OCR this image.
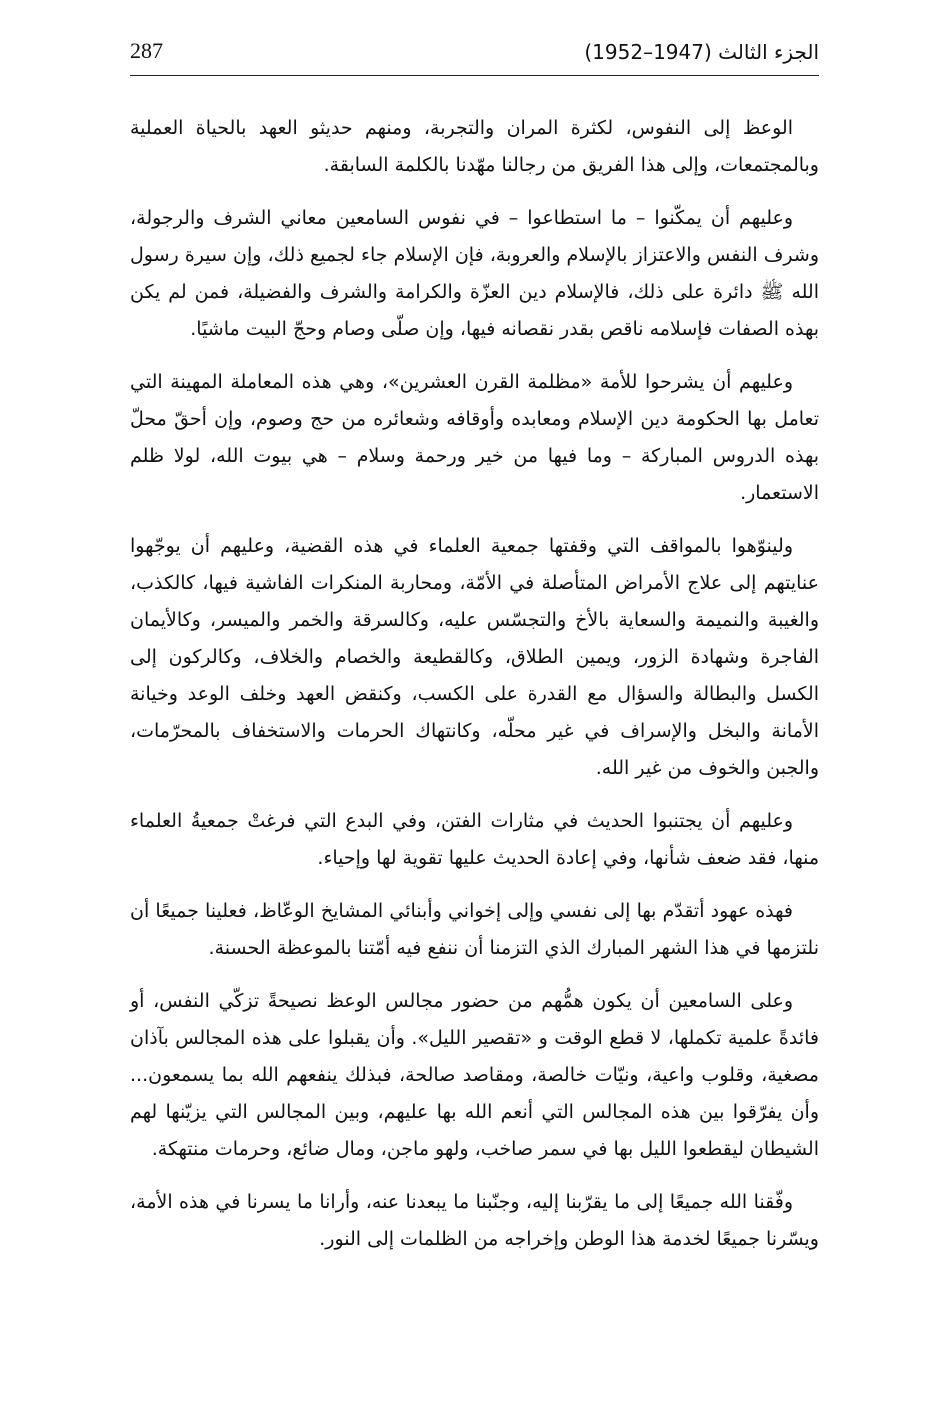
287	الجزء الثالث (1947–1952)

الوعظ إلى النفوس، لكثرة المران والتجربة، ومنهم حديثو العهد بالحياة العملية وبالمجتمعات، وإلى هذا الفريق من رجالنا مهّدنا بالكلمة السابقة.

وعليهم أن يمكّنوا – ما استطاعوا – في نفوس السامعين معاني الشرف والرجولة، وشرف النفس والاعتزاز بالإسلام والعروبة، فإن الإسلام جاء لجميع ذلك، وإن سيرة رسول الله ﷺ دائرة على ذلك، فالإسلام دين العزّة والكرامة والشرف والفضيلة، فمن لم يكن بهذه الصفات فإسلامه ناقص بقدر نقصانه فيها، وإن صلّى وصام وحجّ البيت ماشيًا.

وعليهم أن يشرحوا للأمة «مظلمة القرن العشرين»، وهي هذه المعاملة المهينة التي تعامل بها الحكومة دين الإسلام ومعابده وأوقافه وشعائره من حج وصوم، وإن أحقّ محلّ بهذه الدروس المباركة – وما فيها من خير ورحمة وسلام – هي بيوت الله، لولا ظلم الاستعمار.

ولينوّهوا بالمواقف التي وقفتها جمعية العلماء في هذه القضية، وعليهم أن يوجّهوا عنايتهم إلى علاج الأمراض المتأصلة في الأمّة، ومحاربة المنكرات الفاشية فيها، كالكذب، والغيبة والنميمة والسعاية بالأخ والتجسّس عليه، وكالسرقة والخمر والميسر، وكالأيمان الفاجرة وشهادة الزور، ويمين الطلاق، وكالقطيعة والخصام والخلاف، وكالركون إلى الكسل والبطالة والسؤال مع القدرة على الكسب، وكنقض العهد وخلف الوعد وخيانة الأمانة والبخل والإسراف في غير محلّه، وكانتهاك الحرمات والاستخفاف بالمحرّمات، والجبن والخوف من غير الله.

وعليهم أن يجتنبوا الحديث في مثارات الفتن، وفي البدع التي فرغتْ جمعيةُ العلماء منها، فقد ضعف شأنها، وفي إعادة الحديث عليها تقوية لها وإحياء.

فهذه عهود أتقدّم بها إلى نفسي وإلى إخواني وأبنائي المشايخ الوعّاظ، فعلينا جميعًا أن نلتزمها في هذا الشهر المبارك الذي التزمنا أن ننفع فيه أمّتنا بالموعظة الحسنة.

وعلى السامعين أن يكون همُّهم من حضور مجالس الوعظ نصيحةً تزكّي النفس، أو فائدةً علمية تكملها، لا قطع الوقت و «تقصير الليل». وأن يقبلوا على هذه المجالس بآذان مصغية، وقلوب واعية، ونيّات خالصة، ومقاصد صالحة، فبذلك ينفعهم الله بما يسمعون... وأن يفرّقوا بين هذه المجالس التي أنعم الله بها عليهم، وبين المجالس التي يزيّنها لهم الشيطان ليقطعوا الليل بها في سمر صاخب، ولهو ماجن، ومال ضائع، وحرمات منتهكة.

وفّقنا الله جميعًا إلى ما يقرّبنا إليه، وجنّبنا ما يبعدنا عنه، وأرانا ما يسرنا في هذه الأمة، ويسّرنا جميعًا لخدمة هذا الوطن وإخراجه من الظلمات إلى النور.
